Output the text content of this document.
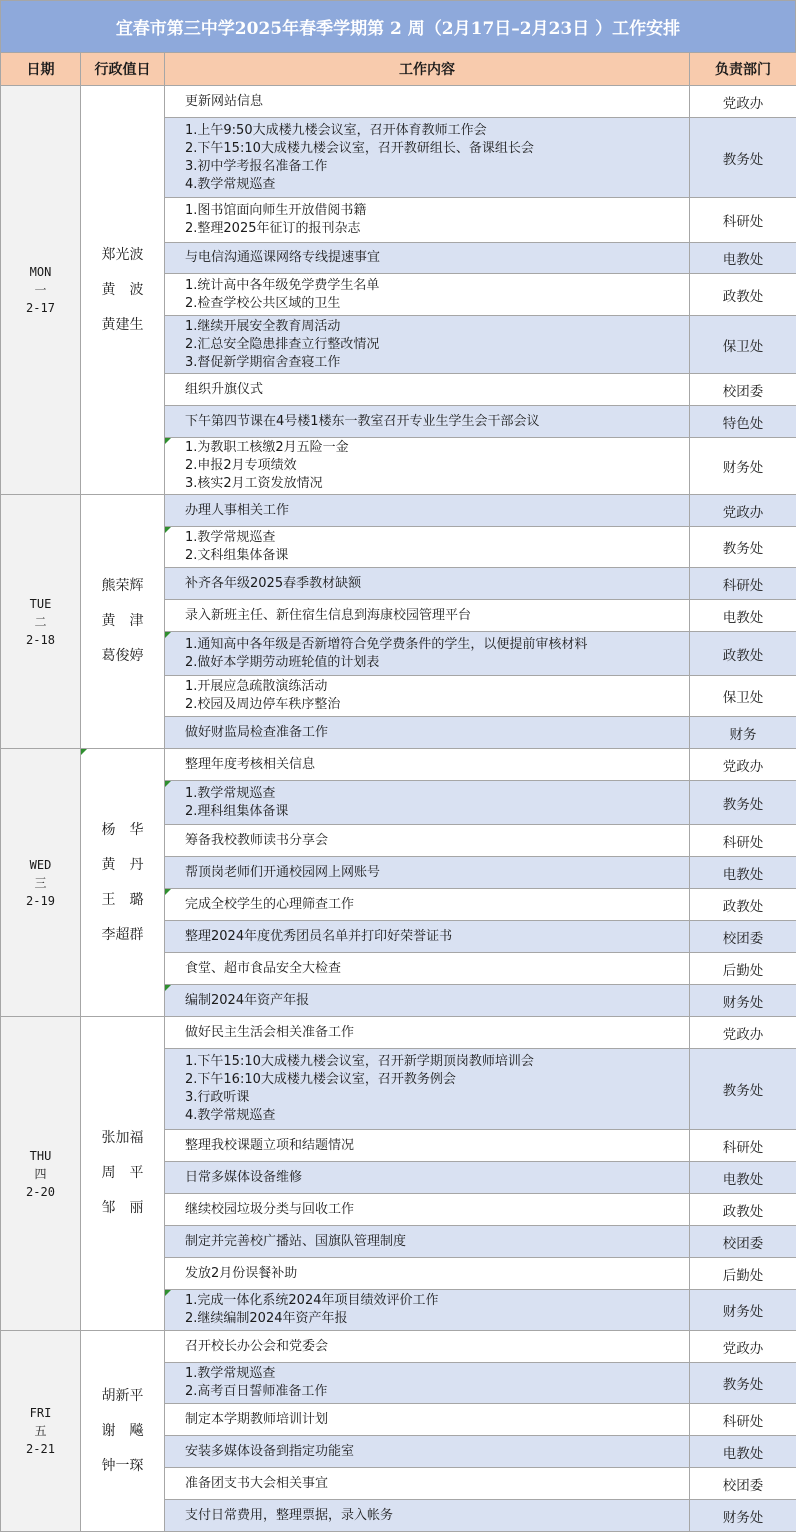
宜春市第三中学2025年春季学期第 2 周（2月17日–2月23日 ）工作安排
日期	行政值日	工作内容	负责部门

MON
一
2-17	郑光波
黄　波
黄建生	更新网站信息	党政办

		1.上午9:50大成楼九楼会议室，召开体育教师工作会
2.下午15:10大成楼九楼会议室，召开教研组长、备课组长会
3.初中学考报名准备工作
4.教学常规巡查	教务处

		1.图书馆面向师生开放借阅书籍
2.整理2025年征订的报刊杂志	科研处

		与电信沟通巡课网络专线提速事宜	电教处

		1.统计高中各年级免学费学生名单
2.检查学校公共区域的卫生	政教处

		1.继续开展安全教育周活动
2.汇总安全隐患排查立行整改情况
3.督促新学期宿舍查寝工作	保卫处

		组织升旗仪式	校团委

		下午第四节课在4号楼1楼东一教室召开专业生学生会干部会议	特色处

		1.为教职工核缴2月五险一金
2.申报2月专项绩效
3.核实2月工资发放情况	财务处

TUE
二
2-18	熊荣辉
黄　津
葛俊婷	办理人事相关工作	党政办

		1.教学常规巡查
2.文科组集体备课	教务处

		补齐各年级2025春季教材缺额	科研处

		录入新班主任、新住宿生信息到海康校园管理平台	电教处

		1.通知高中各年级是否新增符合免学费条件的学生，以便提前审核材料
2.做好本学期劳动班轮值的计划表	政教处

		1.开展应急疏散演练活动
2.校园及周边停车秩序整治	保卫处

		做好财监局检查准备工作	财务

WED
三
2-19	杨　华
黄　丹
王　璐
李超群	整理年度考核相关信息	党政办

		1.教学常规巡查
2.理科组集体备课	教务处

		筹备我校教师读书分享会	科研处

		帮顶岗老师们开通校园网上网账号	电教处

		完成全校学生的心理筛查工作	政教处

		整理2024年度优秀团员名单并打印好荣誉证书	校团委

		食堂、超市食品安全大检查	后勤处

		编制2024年资产年报	财务处

THU
四
2-20	张加福
周　平
邹　丽	做好民主生活会相关准备工作	党政办

		1.下午15:10大成楼九楼会议室，召开新学期顶岗教师培训会
2.下午16:10大成楼九楼会议室，召开教务例会
3.行政听课
4.教学常规巡查	教务处

		整理我校课题立项和结题情况	科研处

		日常多媒体设备维修	电教处

		继续校园垃圾分类与回收工作	政教处

		制定并完善校广播站、国旗队管理制度	校团委

		发放2月份误餐补助	后勤处

		1.完成一体化系统2024年项目绩效评价工作
2.继续编制2024年资产年报	财务处

FRI
五
2-21	胡新平
谢　飚
钟一琛	召开校长办公会和党委会	党政办

		1.教学常规巡查
2.高考百日誓师准备工作	教务处

		制定本学期教师培训计划	科研处

		安装多媒体设备到指定功能室	电教处

		准备团支书大会相关事宜	校团委

		支付日常费用，整理票据，录入帐务	财务处
